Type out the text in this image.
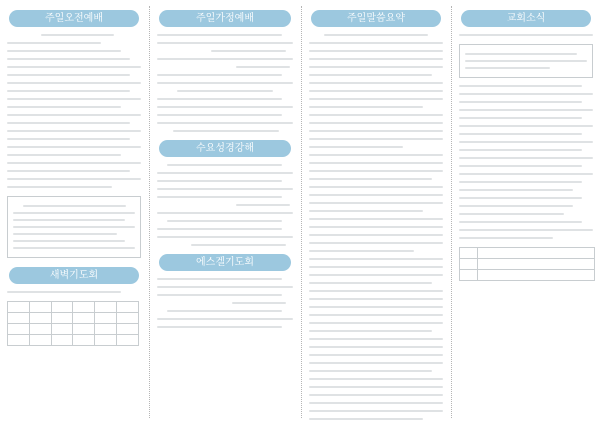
주일오전예배
새벽기도회

주일가정예배
수요성경강해
에스겔기도회
주일말씀요약	교회소식
